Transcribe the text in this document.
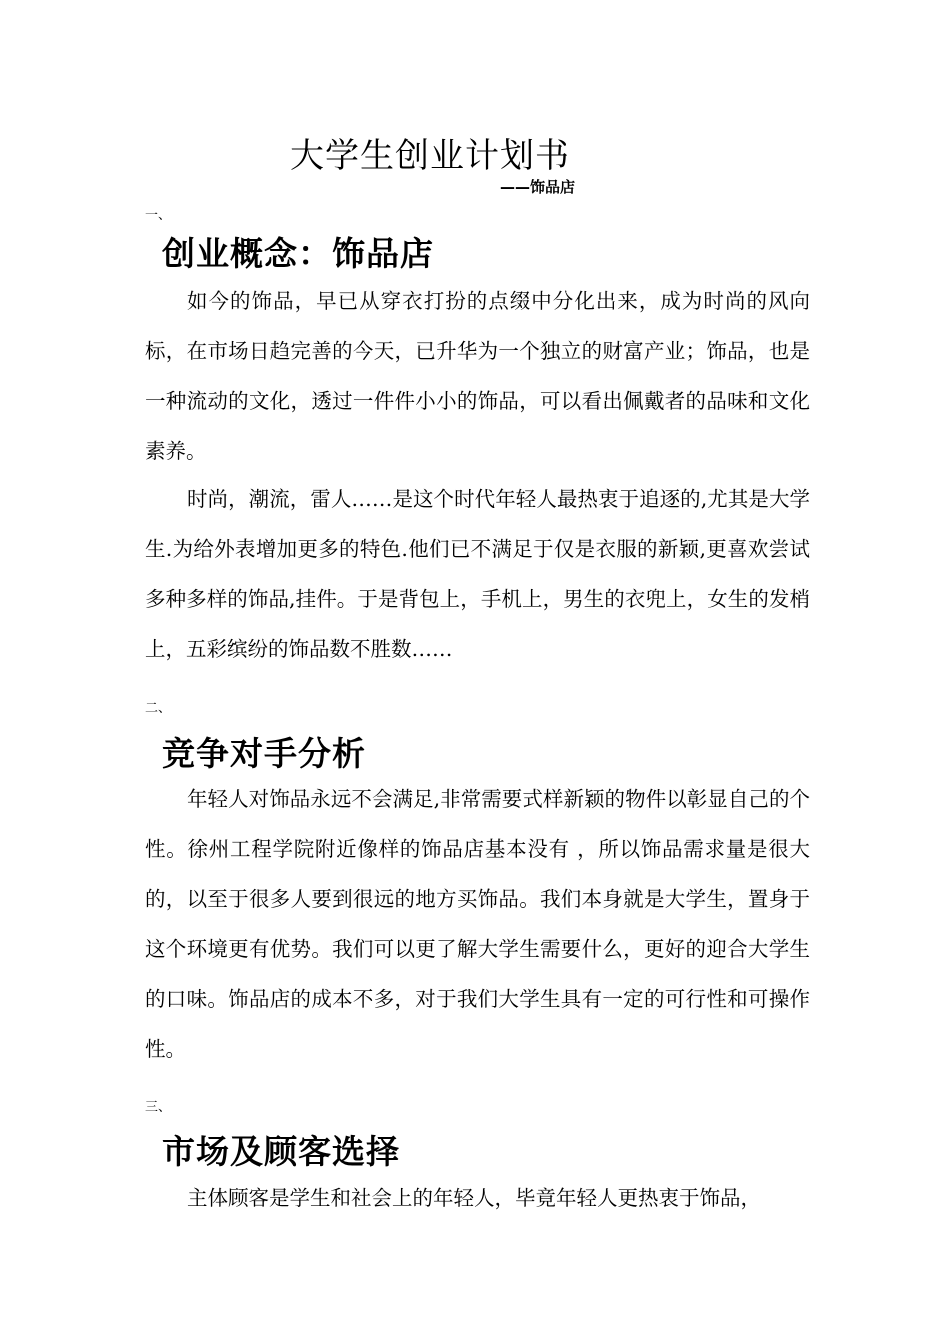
大学生创业计划书
——饰品店
一、
创业概念：饰品店

如今的饰品，早已从穿衣打扮的点缀中分化出来，成为时尚的风向标，在市场日趋完善的今天，已升华为一个独立的财富产业；饰品，也是一种流动的文化，透过一件件小小的饰品，可以看出佩戴者的品味和文化素养。

时尚，潮流，雷人……是这个时代年轻人最热衷于追逐的,尤其是大学生.为给外表增加更多的特色.他们已不满足于仅是衣服的新颖,更喜欢尝试多种多样的饰品,挂件。于是背包上，手机上，男生的衣兜上，女生的发梢上，五彩缤纷的饰品数不胜数……

二、
竞争对手分析

年轻人对饰品永远不会满足,非常需要式样新颖的物件以彰显自己的个性。徐州工程学院附近像样的饰品店基本没有 ，所以饰品需求量是很大的，以至于很多人要到很远的地方买饰品。我们本身就是大学生，置身于这个环境更有优势。我们可以更了解大学生需要什么，更好的迎合大学生的口味。饰品店的成本不多，对于我们大学生具有一定的可行性和可操作性。

三、
市场及顾客选择

主体顾客是学生和社会上的年轻人，毕竟年轻人更热衷于饰品，
